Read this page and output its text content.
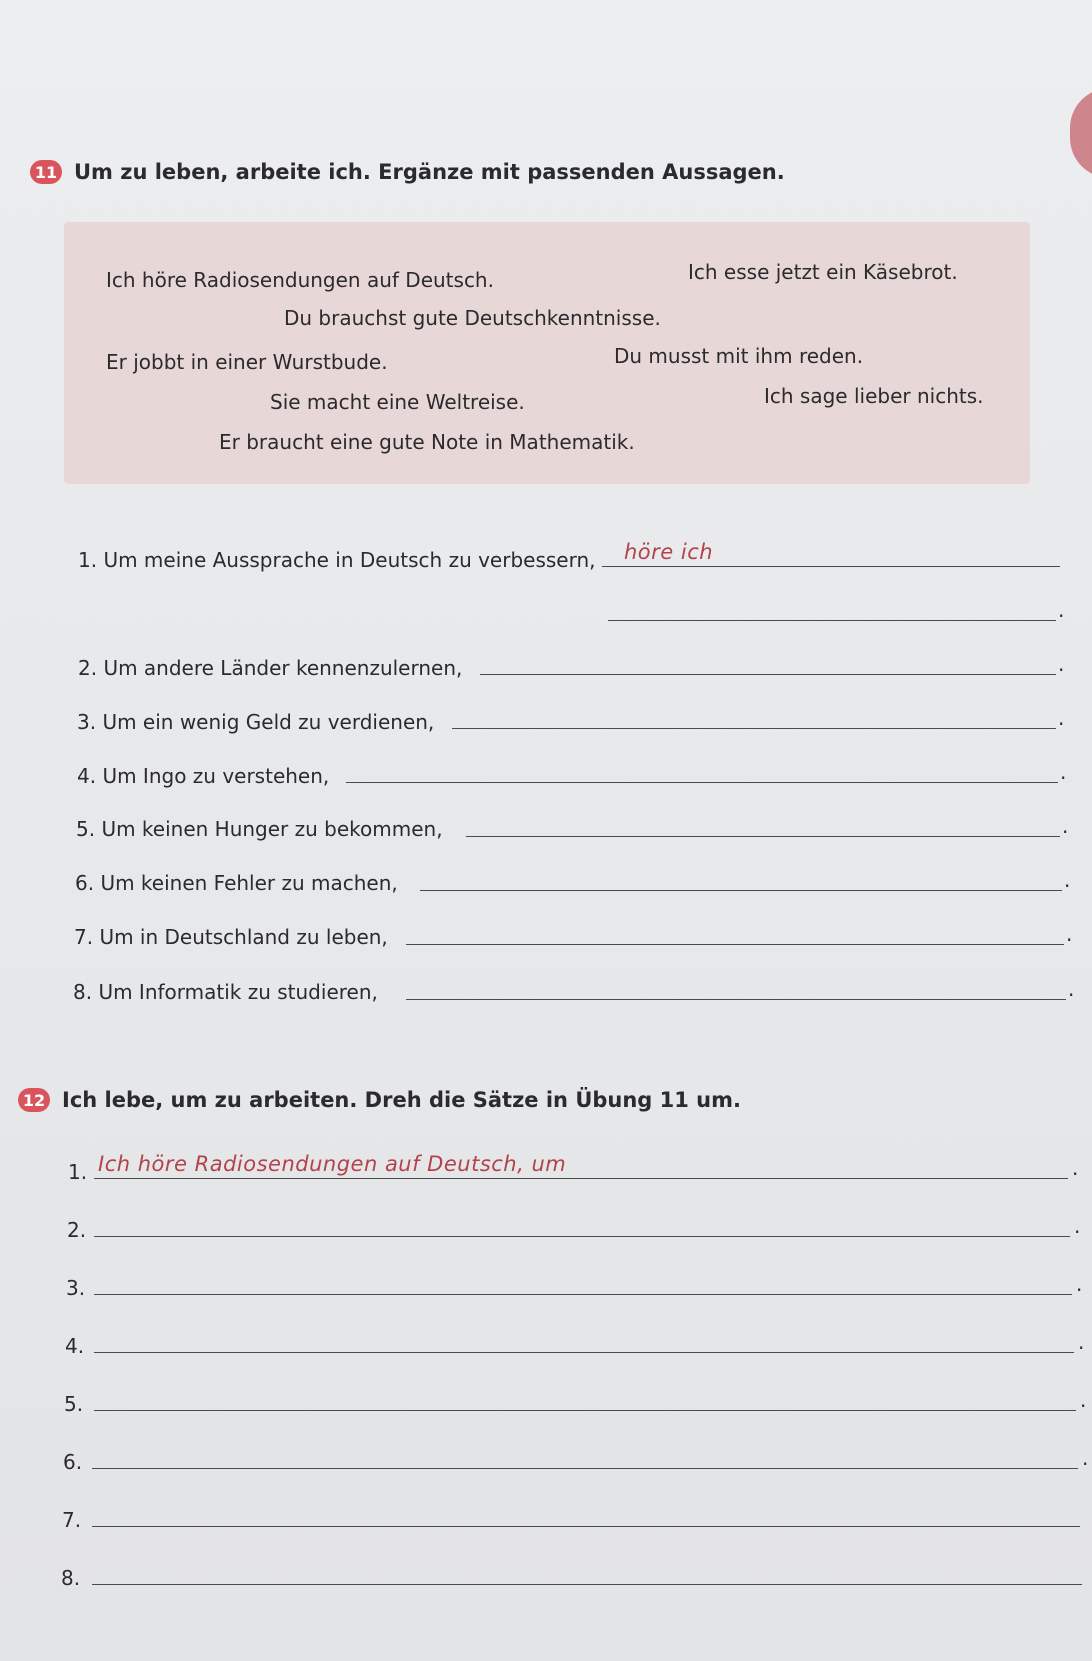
11 Um zu leben, arbeite ich. Ergänze mit passenden Aussagen.
Ich höre Radiosendungen auf Deutsch.	Ich esse jetzt ein Käsebrot.
Du brauchst gute Deutschkenntnisse.
Er jobbt in einer Wurstbude.	Du musst mit ihm reden.
Sie macht eine Weltreise.	Ich sage lieber nichts.
Er braucht eine gute Note in Mathematik.
1. Um meine Aussprache in Deutsch zu verbessern, höre ich
.
2. Um andere Länder kennenzulernen,	.
3. Um ein wenig Geld zu verdienen,	.
4. Um Ingo zu verstehen,	.
5. Um keinen Hunger zu bekommen,	.
6. Um keinen Fehler zu machen,	.
7. Um in Deutschland zu leben,	.
8. Um Informatik zu studieren,	.
12 Ich lebe, um zu arbeiten. Dreh die Sätze in Übung 11 um.
1. Ich höre Radiosendungen auf Deutsch, um	.
2.	.
3.	.
4.	.
5.	.
6.	.
7.
8.
